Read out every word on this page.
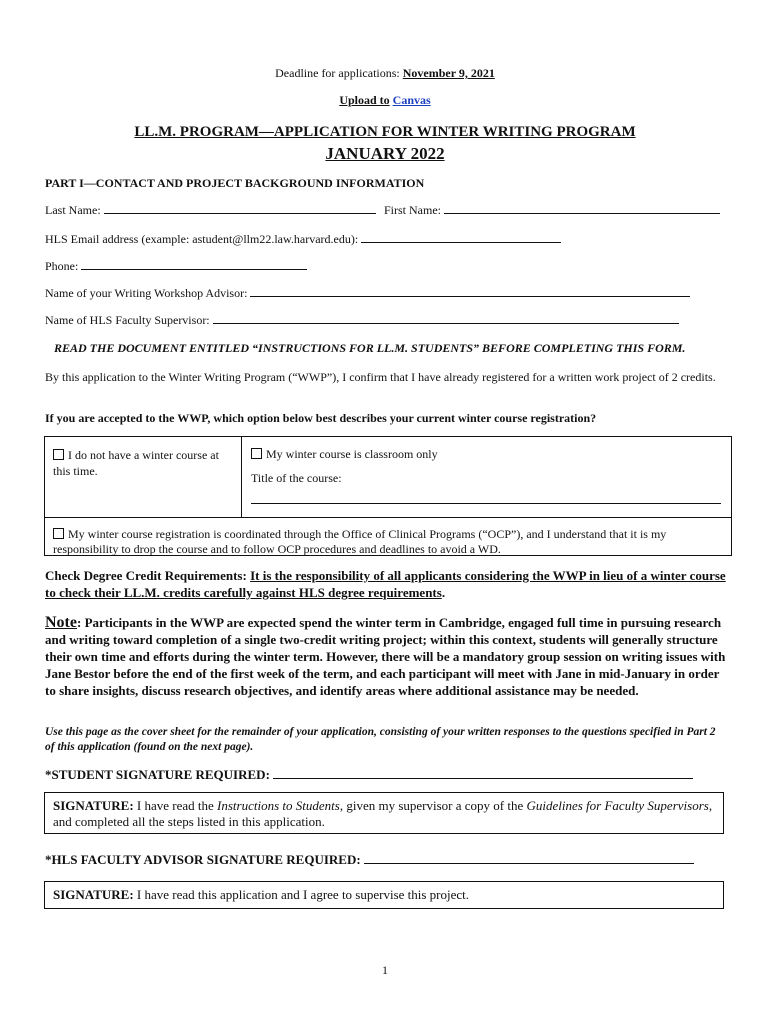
Deadline for applications: November 9, 2021
Upload to Canvas
LL.M. PROGRAM—APPLICATION FOR WINTER WRITING PROGRAM
JANUARY 2022
PART I—CONTACT AND PROJECT BACKGROUND INFORMATION
Last Name:	First Name:
HLS Email address (example: astudent@llm22.law.harvard.edu):
Phone:
Name of your Writing Workshop Advisor:
Name of HLS Faculty Supervisor:
READ THE DOCUMENT ENTITLED “INSTRUCTIONS FOR LL.M. STUDENTS” BEFORE COMPLETING THIS FORM.
By this application to the Winter Writing Program (“WWP”), I confirm that I have already registered for a written work project of 2 credits.
If you are accepted to the WWP, which option below best describes your current winter course registration?
I do not have a winter course at this time.
My winter course is classroom only
Title of the course:
My winter course registration is coordinated through the Office of Clinical Programs (“OCP”), and I understand that it is my responsibility to drop the course and to follow OCP procedures and deadlines to avoid a WD.
Check Degree Credit Requirements: It is the responsibility of all applicants considering the WWP in lieu of a winter course to check their LL.M. credits carefully against HLS degree requirements.
Note: Participants in the WWP are expected spend the winter term in Cambridge, engaged full time in pursuing research and writing toward completion of a single two-credit writing project; within this context, students will generally structure their own time and efforts during the winter term. However, there will be a mandatory group session on writing issues with Jane Bestor before the end of the first week of the term, and each participant will meet with Jane in mid-January in order to share insights, discuss research objectives, and identify areas where additional assistance may be needed.
Use this page as the cover sheet for the remainder of your application, consisting of your written responses to the questions specified in Part 2 of this application (found on the next page).
*STUDENT SIGNATURE REQUIRED:
SIGNATURE: I have read the Instructions to Students, given my supervisor a copy of the Guidelines for Faculty Supervisors, and completed all the steps listed in this application.
*HLS FACULTY ADVISOR SIGNATURE REQUIRED:
SIGNATURE: I have read this application and I agree to supervise this project.
1
